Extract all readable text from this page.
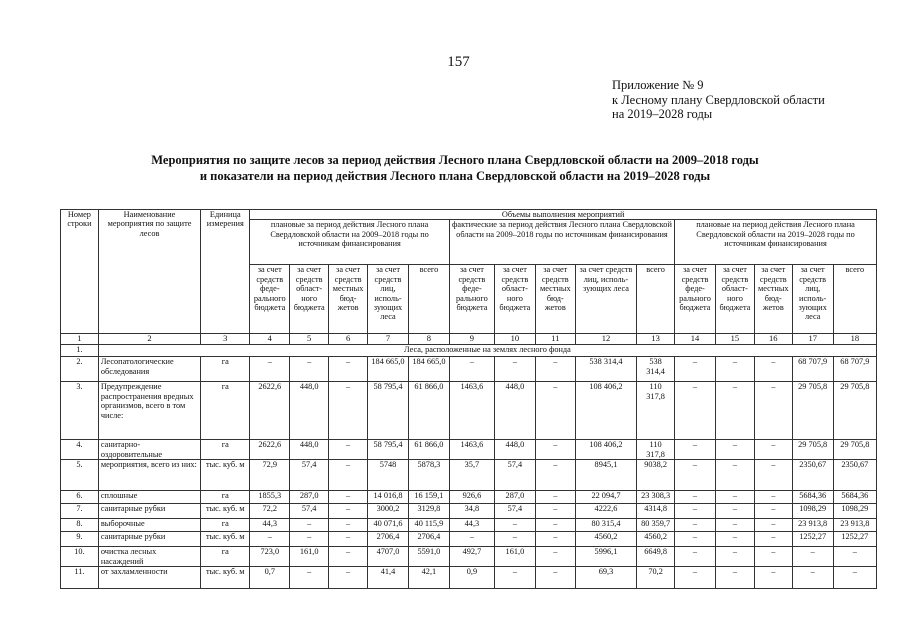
157
Приложение № 9
к Лесному плану Свердловской области
на 2019–2028 годы
Мероприятия по защите лесов за период действия Лесного плана Свердловской области на 2009–2018 годы
и показатели на период действия Лесного плана Свердловской области на 2019–2028 годы
Номер строки	Наименование мероприятия по защите лесов	Единица измерения	Объемы выполнения мероприятий														
			плановые за период действия Лесного плана Свердловской области на 2009–2018 годы по источникам финансирования					фактические за период действия Лесного плана Свердловской области на 2009–2018 годы по источникам финансирования					плановые на период действия Лесного плана Свердловской области на 2019–2028 годы по источникам финансирования				
			за счет средств феде-рального бюджета	за счет средств област-ного бюджета	за счет средств местных бюд-жетов	за счет средств лиц, исполь-зующих леса	всего	за счет средств феде-рального бюджета	за счет средств област-ного бюджета	за счет средств местных бюд-жетов	за счет средств лиц, исполь-зующих леса	всего	за счет средств феде-рального бюджета	за счет средств област-ного бюджета	за счет средств местных бюд-жетов	за счет средств лиц, исполь-зующих леса	всего
1	2	3	4	5	6	7	8	9	10	11	12	13	14	15	16	17	18
1.	Леса, расположенные на землях лесного фонда																
2.	Лесопатологические обследования	га	–	–	–	184 665,0	184 665,0	–	–	–	538 314,4	538 314,4	–	–	–	68 707,9	68 707,9
3.	Предупреждение распространения вредных организмов, всего в том числе:	га	2622,6	448,0	–	58 795,4	61 866,0	1463,6	448,0	–	108 406,2	110 317,8	–	–	–	29 705,8	29 705,8
4.	санитарно-оздоровительные	га	2622,6	448,0	–	58 795,4	61 866,0	1463,6	448,0	–	108 406,2	110 317,8	–	–	–	29 705,8	29 705,8
5.	мероприятия, всего из них:	тыс. куб. м	72,9	57,4	–	5748	5878,3	35,7	57,4	–	8945,1	9038,2	–	–	–	2350,67	2350,67
6.	сплошные	га	1855,3	287,0	–	14 016,8	16 159,1	926,6	287,0	–	22 094,7	23 308,3	–	–	–	5684,36	5684,36
7.	санитарные рубки	тыс. куб. м	72,2	57,4	–	3000,2	3129,8	34,8	57,4	–	4222,6	4314,8	–	–	–	1098,29	1098,29
8.	выборочные	га	44,3	–	–	40 071,6	40 115,9	44,3	–	–	80 315,4	80 359,7	–	–	–	23 913,8	23 913,8
9.	санитарные рубки	тыс. куб. м	–	–	–	2706,4	2706,4	–	–	–	4560,2	4560,2	–	–	–	1252,27	1252,27
10.	очистка лесных насаждений	га	723,0	161,0	–	4707,0	5591,0	492,7	161,0	–	5996,1	6649,8	–	–	–	–	–
11.	от захламленности	тыс. куб. м	0,7	–	–	41,4	42,1	0,9	–	–	69,3	70,2	–	–	–	–	–
